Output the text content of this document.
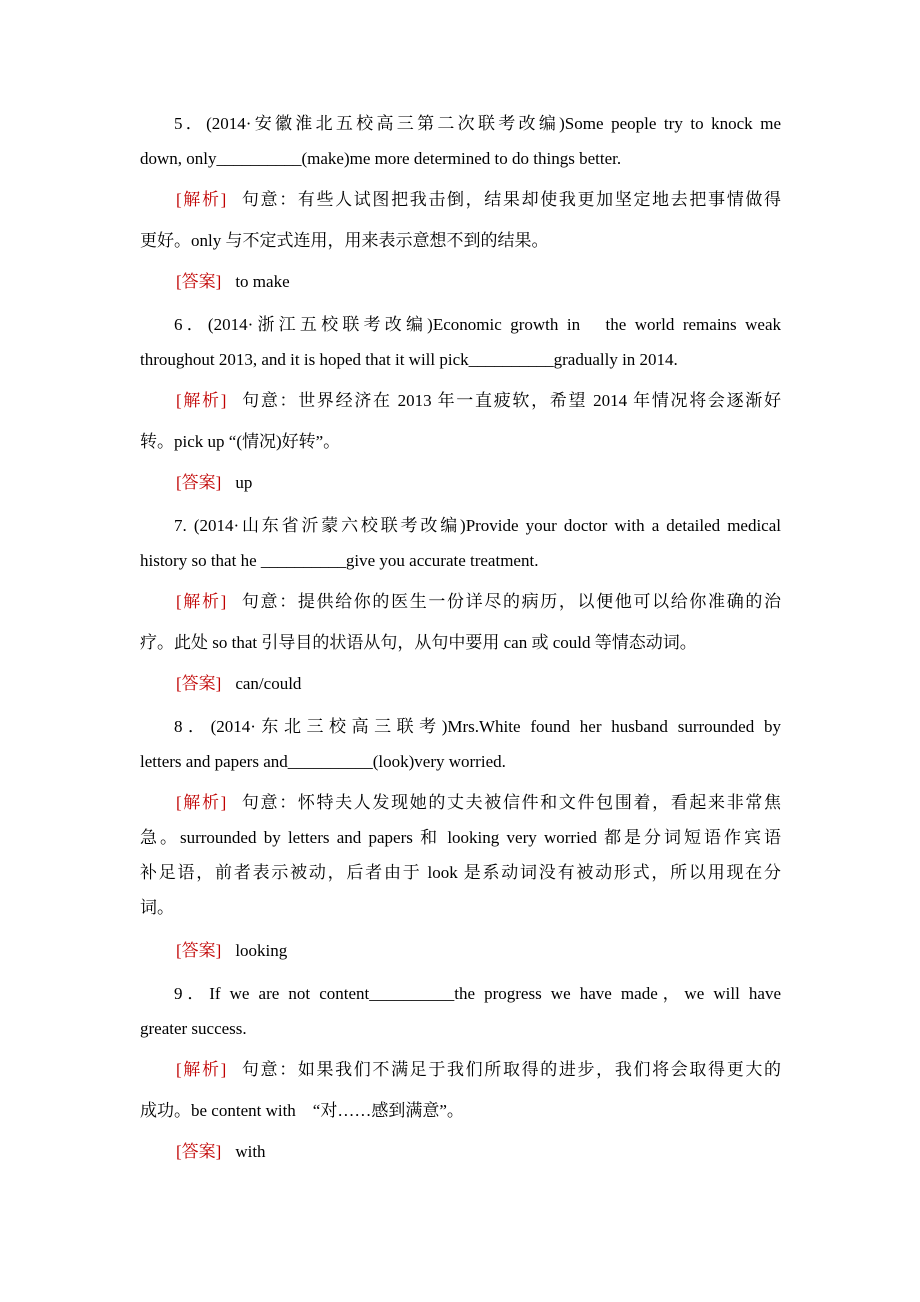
5．(2014·安徽淮北五校高三第二次联考改编)Some people try to knock me
down, only__________(make)me more determined to do things better.
[解析] 句意：有些人试图把我击倒，结果却使我更加坚定地去把事情做得
更好。only 与不定式连用，用来表示意想不到的结果。
[答案] to make
6．(2014·浙江五校联考改编)Economic growth in　the world remains weak
throughout 2013, and it is hoped that it will pick__________gradually in 2014.
[解析] 句意：世界经济在 2013 年一直疲软，希望 2014 年情况将会逐渐好
转。pick up “(情况)好转”。
[答案] up
7. (2014·山东省沂蒙六校联考改编)Provide your doctor with a detailed medical
history so that he __________give you accurate treatment.
[解析] 句意：提供给你的医生一份详尽的病历，以便他可以给你准确的治
疗。此处 so that 引导目的状语从句，从句中要用 can 或 could 等情态动词。
[答案] can/could
8．(2014·东北三校高三联考)Mrs.White found her husband surrounded by
letters and papers and__________(look)very worried.
[解析] 句意：怀特夫人发现她的丈夫被信件和文件包围着，看起来非常焦
急。surrounded by letters and papers 和 looking very worried 都是分词短语作宾语
补足语，前者表示被动，后者由于 look 是系动词没有被动形式，所以用现在分
词。
[答案] looking
9．If we are not content__________the progress we have made，we will have
greater success.
[解析] 句意：如果我们不满足于我们所取得的进步，我们将会取得更大的
成功。be content with　“对……感到满意”。
[答案] with
